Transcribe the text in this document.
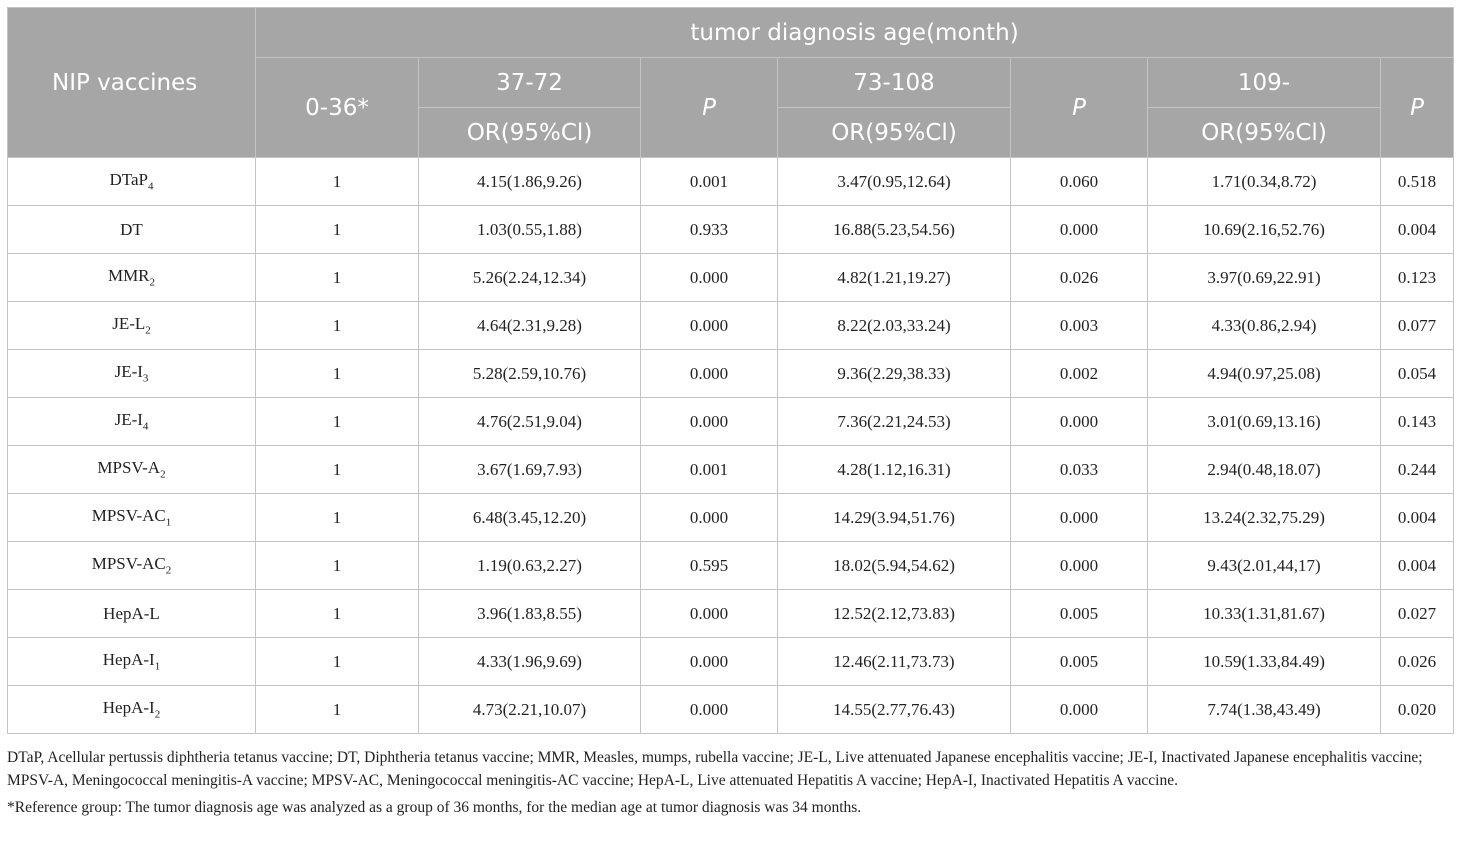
NIP vaccines	tumor diagnosis age(month)						
	0-36*	37-72	P	73-108	P	109-	P
		OR(95%Cl)		OR(95%Cl)		OR(95%Cl)	
DTaP$_4$	1	4.15(1.86,9.26)	0.001	3.47(0.95,12.64)	0.060	1.71(0.34,8.72)	0.518
DT	1	1.03(0.55,1.88)	0.933	16.88(5.23,54.56)	0.000	10.69(2.16,52.76)	0.004
$MMR_2$	1	5.26(2.24,12.34)	0.000	4.82(1.21,19.27)	0.026	3.97(0.69,22.91)	0.123
$JE-L_2$	1	4.64(2.31,9.28)	0.000	8.22(2.03,33.24)	0.003	4.33(0.86,2.94)	0.077
$JE-I_3$	1	5.28(2.59,10.76)	0.000	9.36(2.29,38.33)	0.002	4.94(0.97,25.08)	0.054
$JE-I_4$	1	4.76(2.51,9.04)	0.000	7.36(2.21,24.53)	0.000	3.01(0.69,13.16)	0.143
MPSV-$A_2$	1	3.67(1.69,7.93)	0.001	4.28(1.12,16.31)	0.033	2.94(0.48,18.07)	0.244
MPSV-$AC_1$	1	6.48(3.45,12.20)	0.000	14.29(3.94,51.76)	0.000	13.24(2.32,75.29)	0.004
MPSV-$AC_2$	1	1.19(0.63,2.27)	0.595	18.02(5.94,54.62)	0.000	9.43(2.01,44,17)	0.004
HepA-L	1	3.96(1.83,8.55)	0.000	12.52(2.12,73.83)	0.005	10.33(1.31,81.67)	0.027
HepA-$I_1$	1	4.33(1.96,9.69)	0.000	12.46(2.11,73.73)	0.005	10.59(1.33,84.49)	0.026
HepA-$I_2$	1	4.73(2.21,10.07)	0.000	14.55(2.77,76.43)	0.000	7.74(1.38,43.49)	0.020

DTaP, Acellular pertussis diphtheria tetanus vaccine; DT, Diphtheria tetanus vaccine; MMR, Measles, mumps, rubella vaccine; JE-L, Live attenuated Japanese encephalitis vaccine; JE-I, Inactivated Japanese encephalitis vaccine; MPSV-A, Meningococcal meningitis-A vaccine; MPSV-AC, Meningococcal meningitis-AC vaccine; HepA-L, Live attenuated Hepatitis A vaccine; HepA-I, Inactivated Hepatitis A vaccine.

*Reference group: The tumor diagnosis age was analyzed as a group of 36 months, for the median age at tumor diagnosis was 34 months.
